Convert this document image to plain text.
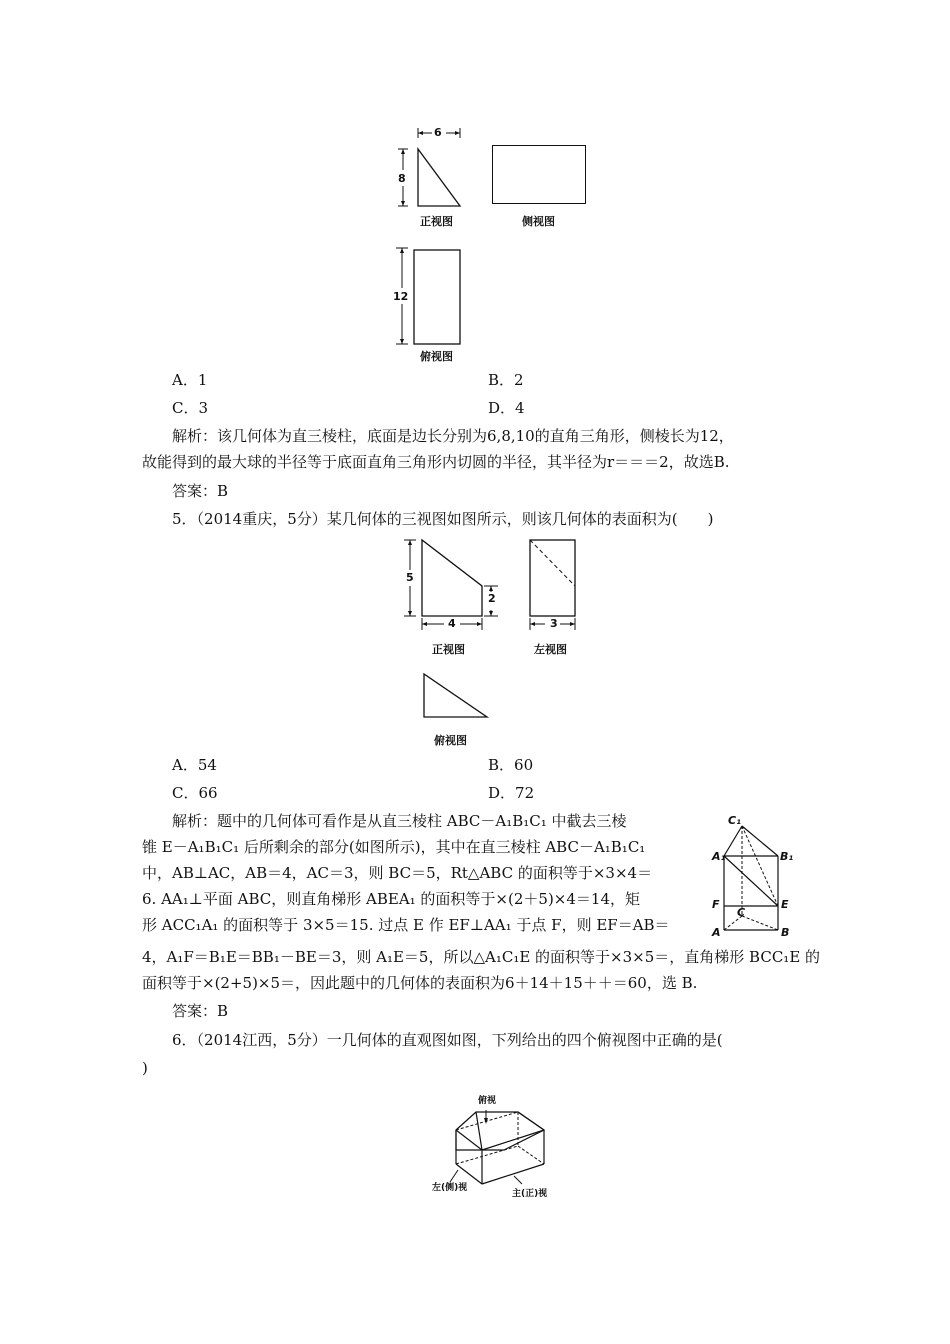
6
8
正视图	侧视图
12
俯视图
A．1	B．2
C．3	D．4
解析：该几何体为直三棱柱，底面是边长分别为6,8,10的直角三角形，侧棱长为12，
故能得到的最大球的半径等于底面直角三角形内切圆的半径，其半径为r＝＝＝2，故选B.
答案：B
5．（2014重庆，5分）某几何体的三视图如图所示，则该几何体的表面积为(　　)
5
2
4
正视图
3
左视图
俯视图
A．54	B．60
C．66	D．72
解析：题中的几何体可看作是从直三棱柱 ABC－A₁B₁C₁ 中截去三棱
锥 E－A₁B₁C₁ 后所剩余的部分(如图所示)，其中在直三棱柱 ABC－A₁B₁C₁
中，AB⊥AC，AB＝4，AC＝3，则 BC＝5，Rt△ABC 的面积等于×3×4＝
6. AA₁⊥平面 ABC，则直角梯形 ABEA₁ 的面积等于×(2＋5)×4＝14，矩
形 ACC₁A₁ 的面积等于 3×5＝15. 过点 E 作 EF⊥AA₁ 于点 F，则 EF＝AB＝
4，A₁F＝B₁E＝BB₁－BE＝3，则 A₁E＝5，所以△A₁C₁E 的面积等于×3×5＝，直角梯形 BCC₁E 的
面积等于×(2+5)×5＝，因此题中的几何体的表面积为6＋14＋15＋＋＝60，选 B.
C₁
A₁	B₁
F	E
C
A	B
答案：B
6．（2014江西，5分）一几何体的直观图如图，下列给出的四个俯视图中正确的是(
)
俯视
左(侧)视
主(正)视
